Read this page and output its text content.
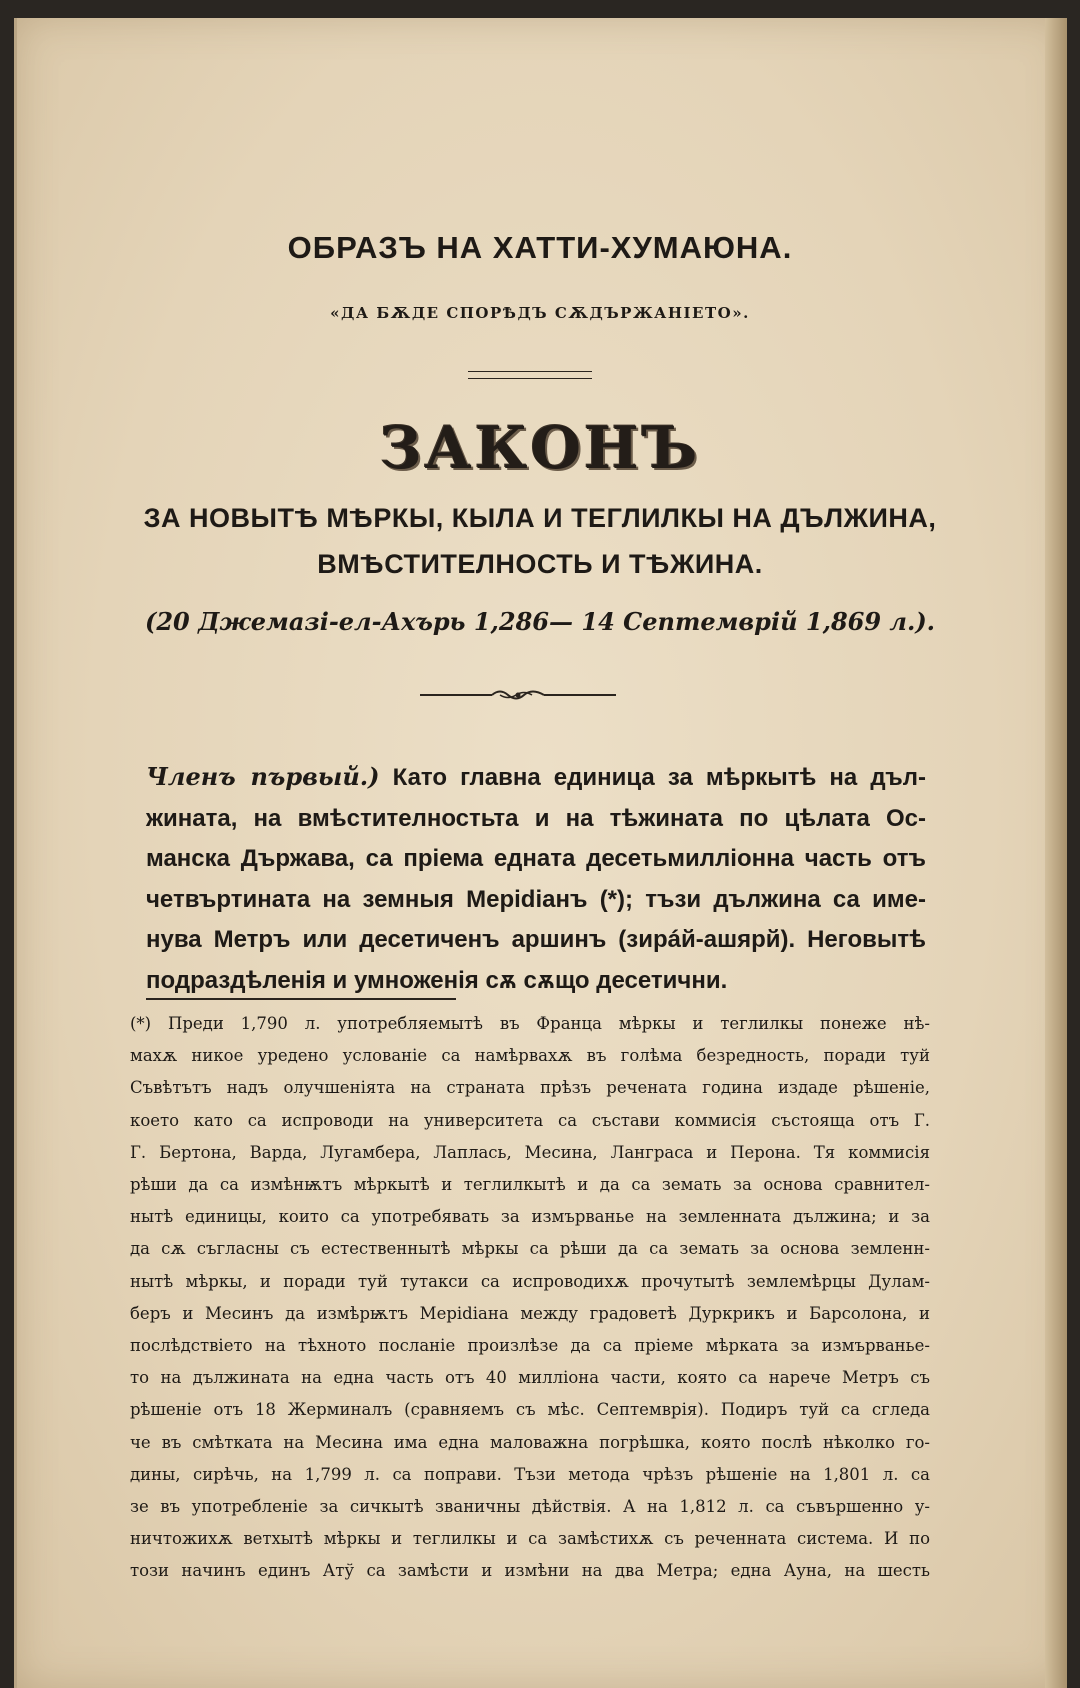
ОБРАЗЪ НА ХАТТИ-ХУМАЮНА.
«ДА БѪДЕ СПОРѢДЪ СѪДЪРЖАНІЕТО».
ЗАКОНЪ
ЗА НОВЫТѢ МѢРКЫ, КЫЛА И ТЕГЛИЛКЫ НА ДЪЛЖИНА,
ВМѢСТИТЕЛНОСТЬ И ТѢЖИНА.
(20 Джемазі-ел-Ахърь 1,286— 14 Септемврій 1,869 л.).
Членъ първый.) Като главна единица за мѣркытѣ на дъл-
жината, на вмѣстителностьта и на тѣжината по цѣлата Ос-
манска Държава, са пріема едната десетьмилліонна часть отъ
четвъртината на земныя Меріdіанъ (*); тъзи дължина са име-
нува Метръ или десетиченъ аршинъ (зирáй-ашярй). Неговытѣ
подраздѣленія и умноженія сѫ сѫщо десетични.
(*) Преди 1,790 л. употребляемытѣ въ Франца мѣркы и теглилкы понеже нѣ-
махѫ никое уредено услованіе са намѣрвахѫ въ голѣма безредность, поради туй
Съвѣтътъ надъ олучшеніята на страната прѣзъ речената година издаде рѣшеніе,
което като са испроводи на университета са състави коммисія състояща отъ Г.
Г. Бертона, Варда, Лугамбера, Лаплась, Месина, Ланграса и Перона. Тя коммисія
рѣши да са измѣнѭтъ мѣркытѣ и теглилкытѣ и да са земать за основа сравнител-
нытѣ единицы, които са употребявать за измърванье на земленната дължина; и за
да сѫ съгласны съ естественнытѣ мѣркы са рѣши да са земать за основа земленн-
нытѣ мѣркы, и поради туй тутакси са испроводихѫ прочутытѣ землемѣрцы Дулам-
беръ и Месинъ да измѣрѭтъ Меріdіана между градоветѣ Дуркрикъ и Барсолона, и
послѣдствіето на тѣхното посланіе произлѣзе да са пріеме мѣрката за измърванье-
то на дължината на една часть отъ 40 милліона части, която са нарече Метръ съ
рѣшеніе отъ 18 Жерминалъ (сравняемъ съ мѣс. Септемврія). Подиръ туй са сгледа
че въ смѣтката на Месина има една маловажна погрѣшка, която послѣ нѣколко го-
дины, сирѣчь, на 1,799 л. са поправи. Тъзи метода чрѣзъ рѣшеніе на 1,801 л. са
зе въ употребленіе за сичкытѣ званичны дѣйствія. А на 1,812 л. са съвършенно у-
ничтожихѫ ветхытѣ мѣркы и теглилкы и са замѣстихѫ съ реченната система. И по
този начинъ единъ Атў са замѣсти и измѣни на два Метра; една Ауна, на шесть
